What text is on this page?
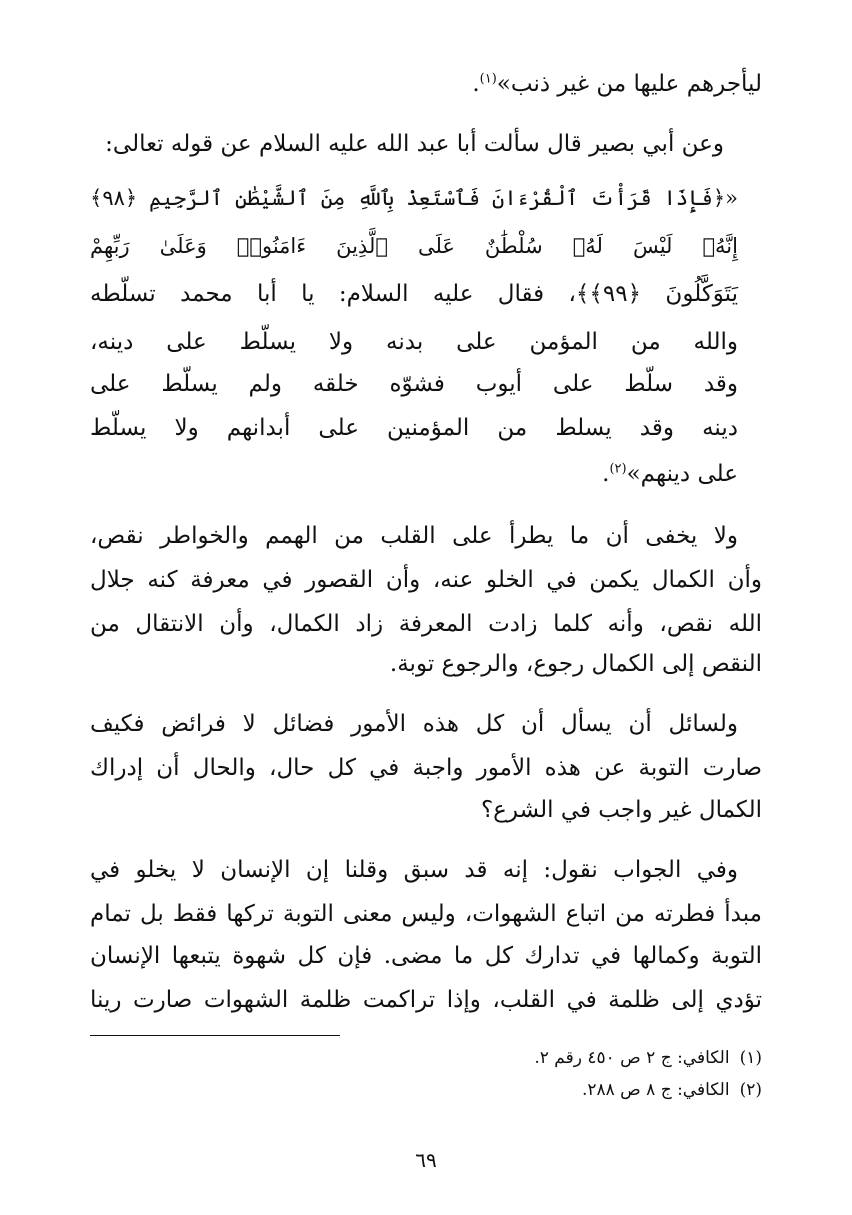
ليأجرهم عليها من غير ذنب»$^{(١)}$.
وعن أبي بصير قال سألت أبا عبد الله عليه السلام عن قوله تعالى:
«﴿فَإِذَا قَرَأْتَ ٱلْقُرْءَانَ فَٱسْتَعِذْ بِٱللَّهِ مِنَ ٱلشَّيْطَٰنِ ٱلرَّجِيمِ ﴿٩٨﴾
إِنَّهُۥ لَيْسَ لَهُۥ سُلْطَٰنٌ عَلَى ٱلَّذِينَ ءَامَنُوا۟ وَعَلَىٰ رَبِّهِمْ
يَتَوَكَّلُونَ ﴿٩٩﴾﴾، فقال عليه السلام: يا أبا محمد تسلّطه
والله من المؤمن على بدنه ولا يسلّط على دينه،
وقد سلّط على أيوب فشوّه خلقه ولم يسلّط على
دينه وقد يسلط من المؤمنين على أبدانهم ولا يسلّط
على دينهم»$^{(٢)}$.
ولا يخفى أن ما يطرأ على القلب من الهمم والخواطر نقص،
وأن الكمال يكمن في الخلو عنه، وأن القصور في معرفة كنه جلال
الله نقص، وأنه كلما زادت المعرفة زاد الكمال، وأن الانتقال من
النقص إلى الكمال رجوع، والرجوع توبة.
ولسائل أن يسأل أن كل هذه الأمور فضائل لا فرائض فكيف
صارت التوبة عن هذه الأمور واجبة في كل حال، والحال أن إدراك
الكمال غير واجب في الشرع؟
وفي الجواب نقول: إنه قد سبق وقلنا إن الإنسان لا يخلو في
مبدأ فطرته من اتباع الشهوات، وليس معنى التوبة تركها فقط بل تمام
التوبة وكمالها في تدارك كل ما مضى. فإن كل شهوة يتبعها الإنسان
تؤدي إلى ظلمة في القلب، وإذا تراكمت ظلمة الشهوات صارت رينا
(١)الكافي: ج ٢ ص ٤٥٠ رقم ٢.
(٢)الكافي: ج ٨ ص ٢٨٨.
٦٩
